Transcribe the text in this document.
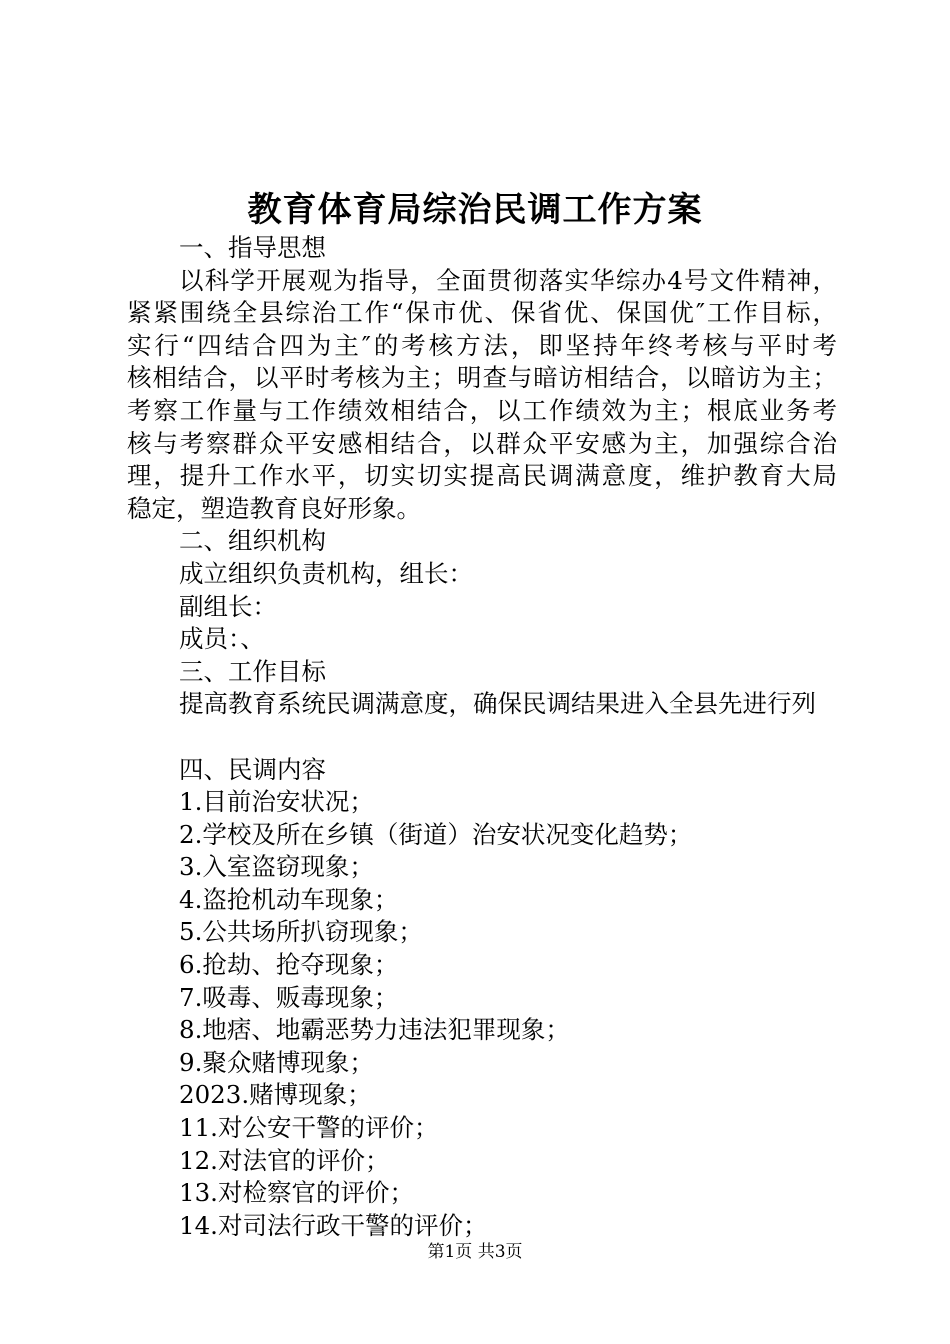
教育体育局综治民调工作方案
一、指导思想
以科学开展观为指导，全面贯彻落实华综办4号文件精神，
紧紧围绕全县综治工作“保市优、保省优、保国优″工作目标，
实行“四结合四为主″的考核方法，即坚持年终考核与平时考
核相结合，以平时考核为主；明查与暗访相结合，以暗访为主；
考察工作量与工作绩效相结合，以工作绩效为主；根底业务考
核与考察群众平安感相结合，以群众平安感为主，加强综合治
理，提升工作水平，切实切实提高民调满意度，维护教育大局
稳定，塑造教育良好形象。
二、组织机构
成立组织负责机构，组长：
副组长：
成员：、
三、工作目标
提高教育系统民调满意度，确保民调结果进入全县先进行列
四、民调内容
1.目前治安状况；
2.学校及所在乡镇（街道）治安状况变化趋势；
3.入室盗窃现象；
4.盗抢机动车现象；
5.公共场所扒窃现象；
6.抢劫、抢夺现象；
7.吸毒、贩毒现象；
8.地痞、地霸恶势力违法犯罪现象；
9.聚众赌博现象；
2023.赌博现象；
11.对公安干警的评价；
12.对法官的评价；
13.对检察官的评价；
14.对司法行政干警的评价；
第1页 共3页
